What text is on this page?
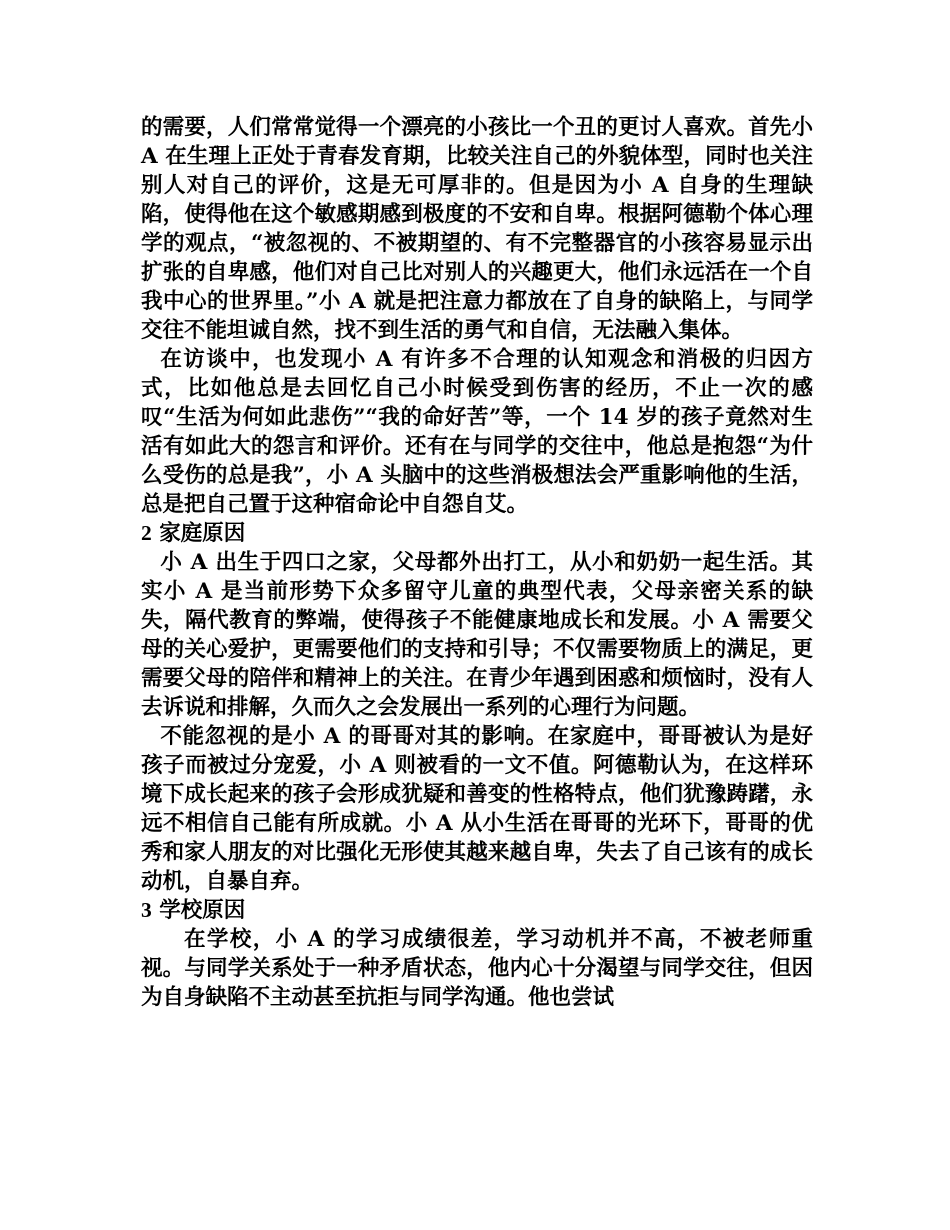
的需要，人们常常觉得一个漂亮的小孩比一个丑的更讨人喜欢。首先小 A 在生理上正处于青春发育期，比较关注自己的外貌体型，同时也关注别人对自己的评价，这是无可厚非的。但是因为小 A 自身的生理缺陷，使得他在这个敏感期感到极度的不安和自卑。根据阿德勒个体心理学的观点，“被忽视的、不被期望的、有不完整器官的小孩容易显示出扩张的自卑感，他们对自己比对别人的兴趣更大，他们永远活在一个自我中心的世界里。”小 A 就是把注意力都放在了自身的缺陷上，与同学交往不能坦诚自然，找不到生活的勇气和自信，无法融入集体。

在访谈中，也发现小 A 有许多不合理的认知观念和消极的归因方式，比如他总是去回忆自己小时候受到伤害的经历，不止一次的感叹“生活为何如此悲伤”“我的命好苦”等，一个 14 岁的孩子竟然对生活有如此大的怨言和评价。还有在与同学的交往中，他总是抱怨“为什么受伤的总是我”，小 A 头脑中的这些消极想法会严重影响他的生活，总是把自己置于这种宿命论中自怨自艾。

2 家庭原因

小 A 出生于四口之家，父母都外出打工，从小和奶奶一起生活。其实小 A 是当前形势下众多留守儿童的典型代表，父母亲密关系的缺失，隔代教育的弊端，使得孩子不能健康地成长和发展。小 A 需要父母的关心爱护，更需要他们的支持和引导；不仅需要物质上的满足，更需要父母的陪伴和精神上的关注。在青少年遇到困惑和烦恼时，没有人去诉说和排解，久而久之会发展出一系列的心理行为问题。

不能忽视的是小 A 的哥哥对其的影响。在家庭中，哥哥被认为是好孩子而被过分宠爱，小 A 则被看的一文不值。阿德勒认为，在这样环境下成长起来的孩子会形成犹疑和善变的性格特点，他们犹豫踌躇，永远不相信自己能有所成就。小 A 从小生活在哥哥的光环下，哥哥的优秀和家人朋友的对比强化无形使其越来越自卑，失去了自己该有的成长动机，自暴自弃。

3 学校原因

在学校，小 A 的学习成绩很差，学习动机并不高，不被老师重视。与同学关系处于一种矛盾状态，他内心十分渴望与同学交往，但因为自身缺陷不主动甚至抗拒与同学沟通。他也尝试
